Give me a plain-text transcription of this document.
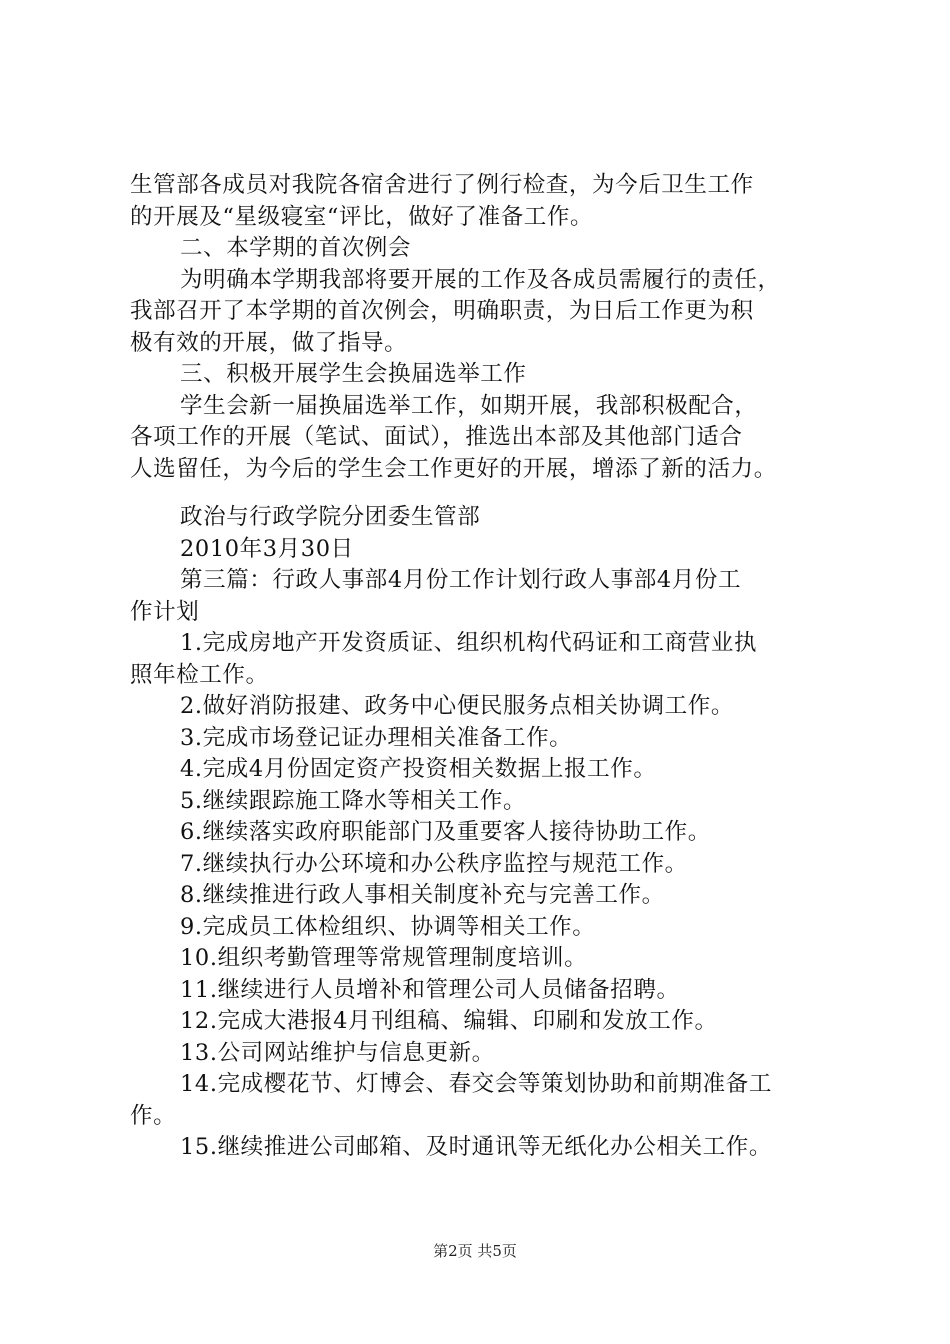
生管部各成员对我院各宿舍进行了例行检查，为今后卫生工作
的开展及“星级寝室“评比，做好了准备工作。
二、本学期的首次例会
为明确本学期我部将要开展的工作及各成员需履行的责任，
我部召开了本学期的首次例会，明确职责，为日后工作更为积
极有效的开展，做了指导。
三、积极开展学生会换届选举工作
学生会新一届换届选举工作，如期开展，我部积极配合，
各项工作的开展（笔试、面试），推选出本部及其他部门适合
人选留任，为今后的学生会工作更好的开展，增添了新的活力。
政治与行政学院分团委生管部
2010年3月30日
第三篇：行政人事部4月份工作计划行政人事部4月份工
作计划
1.完成房地产开发资质证、组织机构代码证和工商营业执
照年检工作。
2.做好消防报建、政务中心便民服务点相关协调工作。
3.完成市场登记证办理相关准备工作。
4.完成4月份固定资产投资相关数据上报工作。
5.继续跟踪施工降水等相关工作。
6.继续落实政府职能部门及重要客人接待协助工作。
7.继续执行办公环境和办公秩序监控与规范工作。
8.继续推进行政人事相关制度补充与完善工作。
9.完成员工体检组织、协调等相关工作。
10.组织考勤管理等常规管理制度培训。
11.继续进行人员增补和管理公司人员储备招聘。
12.完成大港报4月刊组稿、编辑、印刷和发放工作。
13.公司网站维护与信息更新。
14.完成樱花节、灯博会、春交会等策划协助和前期准备工
作。
15.继续推进公司邮箱、及时通讯等无纸化办公相关工作。
第2页 共5页
